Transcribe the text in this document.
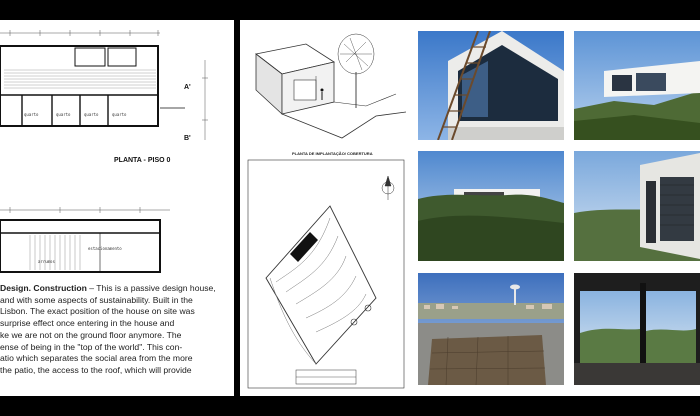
quarto	quarto	quarto	quarto
A'
B'
PLANTA - PISO 0
arrumos
estacionamento
Design. Construction – This is a passive design house,
and with some aspects of sustainability. Built in the
Lisbon. The exact position of the house on site was
surprise effect once entering in the house and
ke we are not on the ground floor anymore. The
ense of being in the "top of the world". This con-
atio which separates the social area from the more
the patio, the access to the roof, which will provide
PLANTA DE IMPLANTAÇÃO/ COBERTURA
